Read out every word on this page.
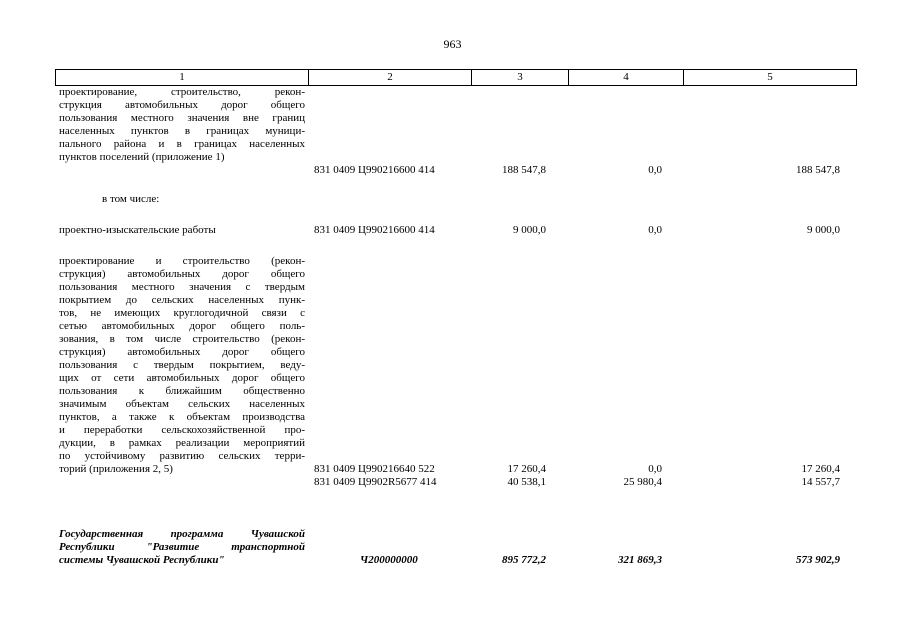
963
1	2	3	4	5
проектирование, строительство, рекон-
струкция автомобильных дорог общего
пользования местного значения вне границ
населенных пунктов в границах муници-
пального района и в границах населенных
пунктов поселений (приложение 1)
831 0409 Ц990216600 414	188 547,8	0,0	188 547,8
в том числе:
проектно-изыскательские работы	831 0409 Ц990216600 414	9 000,0	0,0	9 000,0
проектирование и строительство (рекон-
струкция) автомобильных дорог общего
пользования местного значения с твердым
покрытием до сельских населенных пунк-
тов, не имеющих круглогодичной связи с
сетью автомобильных дорог общего поль-
зования, в том числе строительство (рекон-
струкция) автомобильных дорог общего
пользования с твердым покрытием, веду-
щих от сети автомобильных дорог общего
пользования к ближайшим общественно
значимым объектам сельских населенных
пунктов, а также к объектам производства
и переработки сельскохозяйственной про-
дукции, в рамках реализации мероприятий
по устойчивому развитию сельских терри-
торий (приложения 2, 5)	831 0409 Ц990216640 522	17 260,4	0,0	17 260,4
831 0409 Ц9902R5677 414	40 538,1	25 980,4	14 557,7
Государственная программа Чувашской
Республики "Развитие транспортной
системы Чувашской Республики"	Ч200000000	895 772,2	321 869,3	573 902,9
